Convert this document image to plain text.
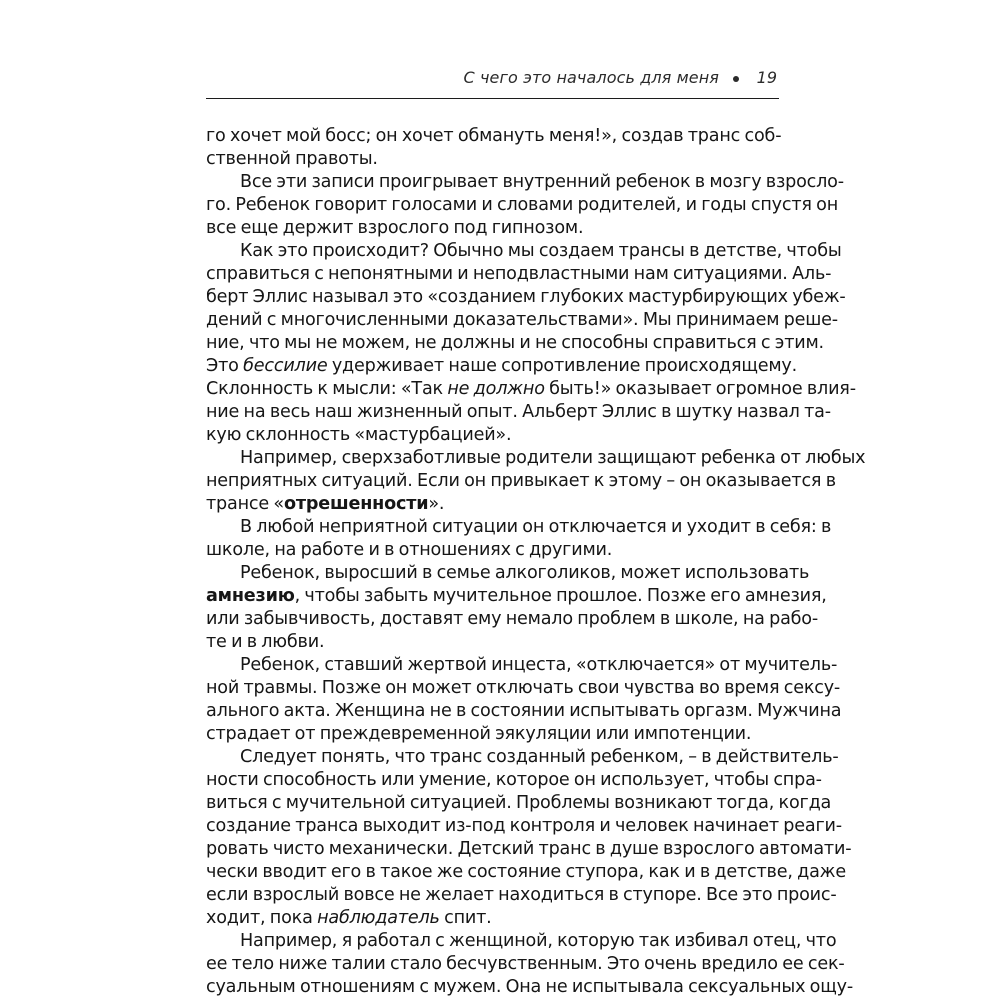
С чего это началось для меня 19
го хочет мой босс; он хочет обмануть меня!», создав транс соб-
ственной правоты.
Все эти записи проигрывает внутренний ребенок в мозгу взросло-
го. Ребенок говорит голосами и словами родителей, и годы спустя он
все еще держит взрослого под гипнозом.
Как это происходит? Обычно мы создаем трансы в детстве, чтобы
справиться с непонятными и неподвластными нам ситуациями. Аль-
берт Эллис называл это «созданием глубоких мастурбирующих убеж-
дений с многочисленными доказательствами». Мы принимаем реше-
ние, что мы не можем, не должны и не способны справиться с этим.
Это бессилие удерживает наше сопротивление происходящему.
Склонность к мысли: «Так не должно быть!» оказывает огромное влия-
ние на весь наш жизненный опыт. Альберт Эллис в шутку назвал та-
кую склонность «мастурбацией».
Например, сверхзаботливые родители защищают ребенка от любых
неприятных ситуаций. Если он привыкает к этому – он оказывается в
трансе «отрешенности».
В любой неприятной ситуации он отключается и уходит в себя: в
школе, на работе и в отношениях с другими.
Ребенок, выросший в семье алкоголиков, может использовать
амнезию, чтобы забыть мучительное прошлое. Позже его амнезия,
или забывчивость, доставят ему немало проблем в школе, на рабо-
те и в любви.
Ребенок, ставший жертвой инцеста, «отключается» от мучитель-
ной травмы. Позже он может отключать свои чувства во время сексу-
ального акта. Женщина не в состоянии испытывать оргазм. Мужчина
страдает от преждевременной эякуляции или импотенции.
Следует понять, что транс созданный ребенком, – в действитель-
ности способность или умение, которое он использует, чтобы спра-
виться с мучительной ситуацией. Проблемы возникают тогда, когда
создание транса выходит из-под контроля и человек начинает реаги-
ровать чисто механически. Детский транс в душе взрослого автомати-
чески вводит его в такое же состояние ступора, как и в детстве, даже
если взрослый вовсе не желает находиться в ступоре. Все это проис-
ходит, пока наблюдатель спит.
Например, я работал с женщиной, которую так избивал отец, что
ее тело ниже талии стало бесчувственным. Это очень вредило ее сек-
суальным отношениям с мужем. Она не испытывала сексуальных ощу-
